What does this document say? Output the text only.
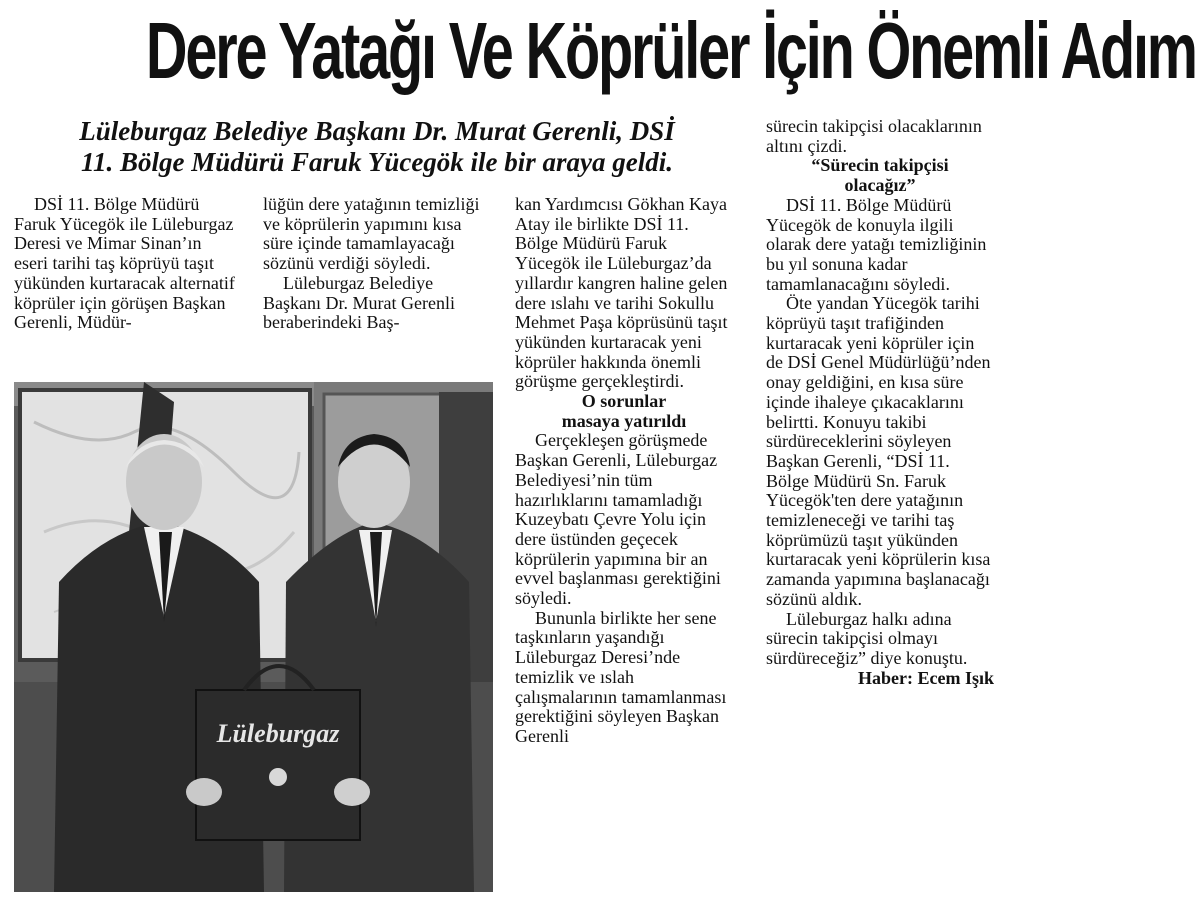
Dere Yatağı Ve Köprüler İçin Önemli Adım
Lüleburgaz Belediye Başkanı Dr. Murat Gerenli, DSİ
11. Bölge Müdürü Faruk Yücegök ile bir araya geldi.

DSİ 11. Bölge Müdürü Faruk Yücegök ile Lüleburgaz Deresi ve Mimar Sinan’ın eseri tarihi taş köprüyü taşıt yükünden kurtaracak alternatif köprüler için görüşen Başkan Gerenli, Müdür-

lüğün dere yatağının temizliği ve köprülerin yapımını kısa süre içinde tamamlayacağı sözünü verdiği söyledi.

Lüleburgaz Belediye Başkanı Dr. Murat Gerenli beraberindeki Baş-

kan Yardımcısı Gökhan Kaya Atay ile birlikte DSİ 11. Bölge Müdürü Faruk Yücegök ile Lüleburgaz’da yıllardır kangren haline gelen dere ıslahı ve tarihi Sokullu Mehmet Paşa köprüsünü taşıt yükünden kurtaracak yeni köprüler hakkında önemli görüşme gerçekleştirdi.

O sorunlar
masaya yatırıldı

Gerçekleşen görüşmede Başkan Gerenli, Lüleburgaz Belediyesi’nin tüm hazırlıklarını tamamladığı Kuzeybatı Çevre Yolu için dere üstünden geçecek köprülerin yapımına bir an evvel başlanması gerektiğini söyledi.

Bununla birlikte her sene taşkınların yaşandığı Lüleburgaz Deresi’nde temizlik ve ıslah çalışmalarının tamamlanması gerektiğini söyleyen Başkan Gerenli

sürecin takipçisi olacaklarının altını çizdi.

“Sürecin takipçisi
olacağız”

DSİ 11. Bölge Müdürü Yücegök de konuyla ilgili olarak dere yatağı temizliğinin bu yıl sonuna kadar tamamlanacağını söyledi.

Öte yandan Yücegök tarihi köprüyü taşıt trafiğinden kurtaracak yeni köprüler için de DSİ Genel Müdürlüğü’nden onay geldiğini, en kısa süre içinde ihaleye çıkacaklarını belirtti. Konuyu takibi sürdüreceklerini söyleyen Başkan Gerenli, “DSİ 11. Bölge Müdürü Sn. Faruk Yücegök'ten dere yatağının temizleneceği ve tarihi taş köprümüzü taşıt yükünden kurtaracak yeni köprülerin kısa zamanda yapımına başlanacağı sözünü aldık.

Lüleburgaz halkı adına sürecin takipçisi olmayı sürdüreceğiz” diye konuştu.

Haber: Ecem Işık

Lüleburgaz
